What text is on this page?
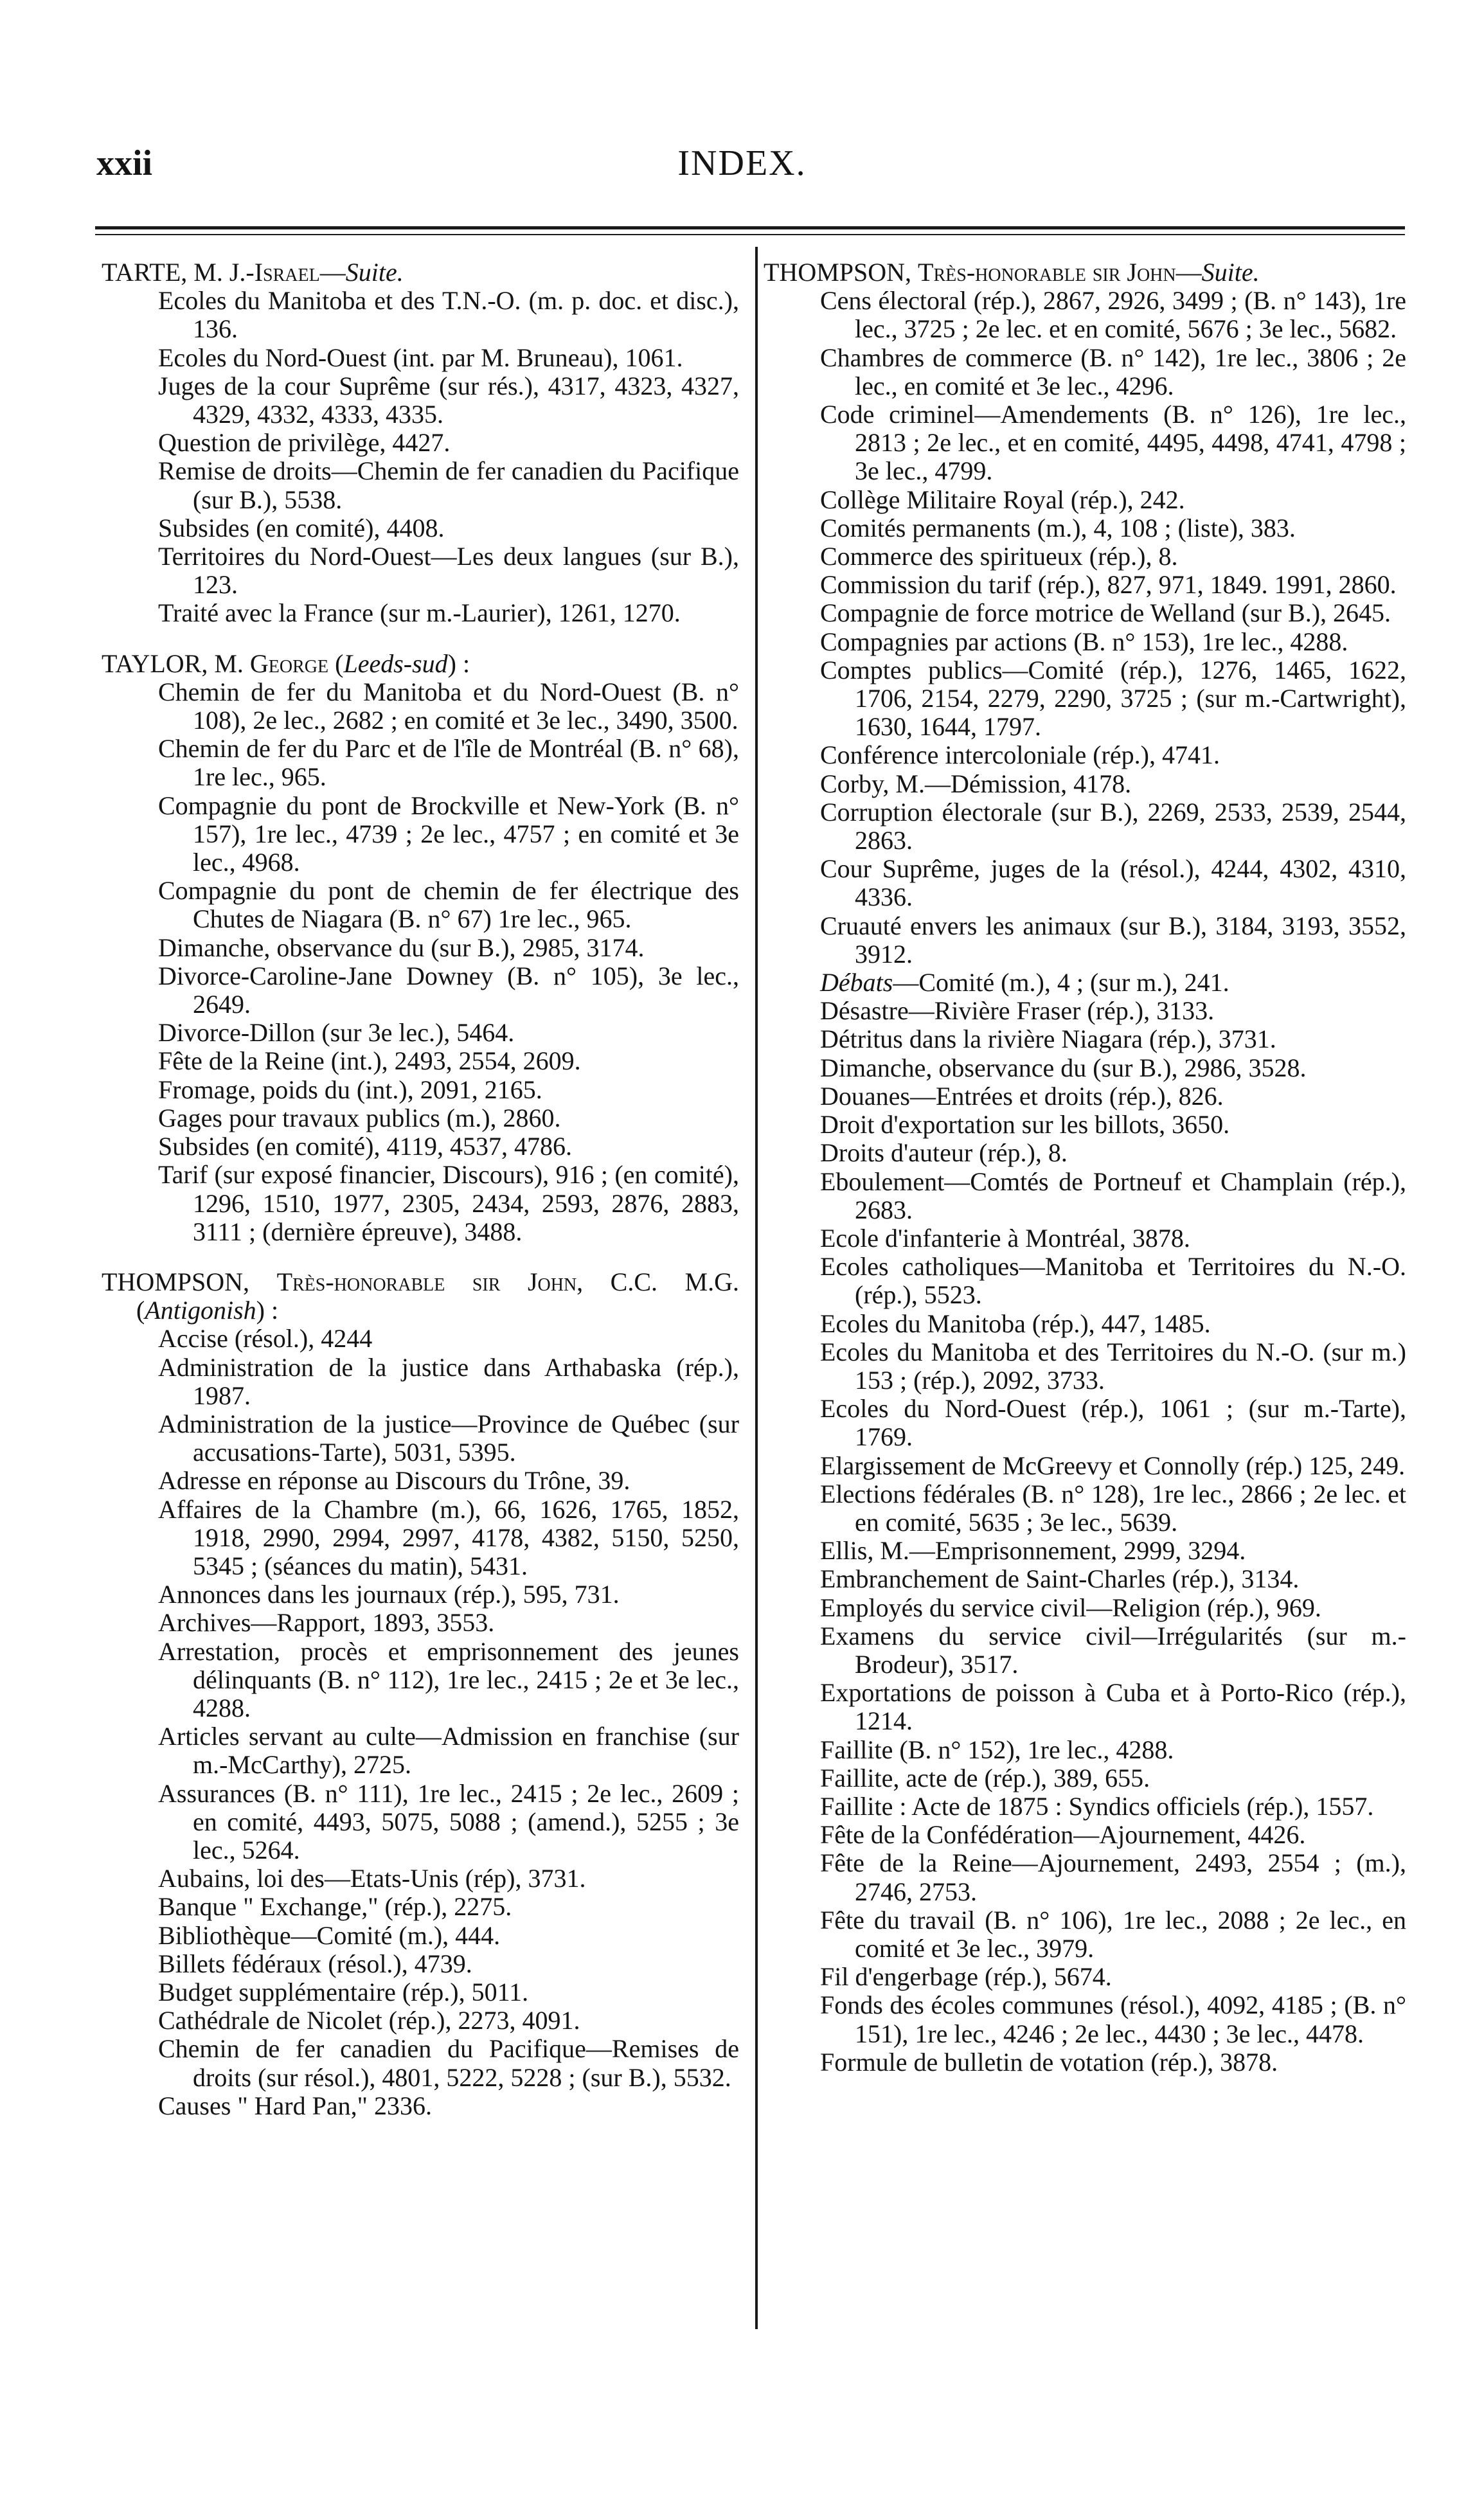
xxii	INDEX.

TARTE, M. J.-Israel—Suite.

Ecoles du Manitoba et des T.N.-O. (m. p. doc. et disc.), 136.

Ecoles du Nord-Ouest (int. par M. Bruneau), 1061.

Juges de la cour Suprême (sur rés.), 4317, 4323, 4327, 4329, 4332, 4333, 4335.

Question de privilège, 4427.

Remise de droits—Chemin de fer canadien du Pacifique (sur B.), 5538.

Subsides (en comité), 4408.

Territoires du Nord-Ouest—Les deux langues (sur B.), 123.

Traité avec la France (sur m.-Laurier), 1261, 1270.

TAYLOR, M. George (Leeds-sud) :

Chemin de fer du Manitoba et du Nord-Ouest (B. n° 108), 2e lec., 2682 ; en comité et 3e lec., 3490, 3500.

Chemin de fer du Parc et de l'île de Montréal (B. n° 68), 1re lec., 965.

Compagnie du pont de Brockville et New-York (B. n° 157), 1re lec., 4739 ; 2e lec., 4757 ; en comité et 3e lec., 4968.

Compagnie du pont de chemin de fer électrique des Chutes de Niagara (B. n° 67) 1re lec., 965.

Dimanche, observance du (sur B.), 2985, 3174.

Divorce-Caroline-Jane Downey (B. n° 105), 3e lec., 2649.

Divorce-Dillon (sur 3e lec.), 5464.

Fête de la Reine (int.), 2493, 2554, 2609.

Fromage, poids du (int.), 2091, 2165.

Gages pour travaux publics (m.), 2860.

Subsides (en comité), 4119, 4537, 4786.

Tarif (sur exposé financier, Discours), 916 ; (en comité), 1296, 1510, 1977, 2305, 2434, 2593, 2876, 2883, 3111 ; (dernière épreuve), 3488.

THOMPSON, Très-honorable sir John, C.C. M.G. (Antigonish) :

Accise (résol.), 4244

Administration de la justice dans Arthabaska (rép.), 1987.

Administration de la justice—Province de Québec (sur accusations-Tarte), 5031, 5395.

Adresse en réponse au Discours du Trône, 39.

Affaires de la Chambre (m.), 66, 1626, 1765, 1852, 1918, 2990, 2994, 2997, 4178, 4382, 5150, 5250, 5345 ; (séances du matin), 5431.

Annonces dans les journaux (rép.), 595, 731.

Archives—Rapport, 1893, 3553.

Arrestation, procès et emprisonnement des jeunes délinquants (B. n° 112), 1re lec., 2415 ; 2e et 3e lec., 4288.

Articles servant au culte—Admission en franchise (sur m.-McCarthy), 2725.

Assurances (B. n° 111), 1re lec., 2415 ; 2e lec., 2609 ; en comité, 4493, 5075, 5088 ; (amend.), 5255 ; 3e lec., 5264.

Aubains, loi des—Etats-Unis (rép), 3731.

Banque " Exchange," (rép.), 2275.

Bibliothèque—Comité (m.), 444.

Billets fédéraux (résol.), 4739.

Budget supplémentaire (rép.), 5011.

Cathédrale de Nicolet (rép.), 2273, 4091.

Chemin de fer canadien du Pacifique—Remises de droits (sur résol.), 4801, 5222, 5228 ; (sur B.), 5532.

Causes " Hard Pan," 2336.

THOMPSON, Très-honorable sir John—Suite.

Cens électoral (rép.), 2867, 2926, 3499 ; (B. n° 143), 1re lec., 3725 ; 2e lec. et en comité, 5676 ; 3e lec., 5682.

Chambres de commerce (B. n° 142), 1re lec., 3806 ; 2e lec., en comité et 3e lec., 4296.

Code criminel—Amendements (B. n° 126), 1re lec., 2813 ; 2e lec., et en comité, 4495, 4498, 4741, 4798 ; 3e lec., 4799.

Collège Militaire Royal (rép.), 242.

Comités permanents (m.), 4, 108 ; (liste), 383.

Commerce des spiritueux (rép.), 8.

Commission du tarif (rép.), 827, 971, 1849. 1991, 2860.

Compagnie de force motrice de Welland (sur B.), 2645.

Compagnies par actions (B. n° 153), 1re lec., 4288.

Comptes publics—Comité (rép.), 1276, 1465, 1622, 1706, 2154, 2279, 2290, 3725 ; (sur m.-Cartwright), 1630, 1644, 1797.

Conférence intercoloniale (rép.), 4741.

Corby, M.—Démission, 4178.

Corruption électorale (sur B.), 2269, 2533, 2539, 2544, 2863.

Cour Suprême, juges de la (résol.), 4244, 4302, 4310, 4336.

Cruauté envers les animaux (sur B.), 3184, 3193, 3552, 3912.

Débats—Comité (m.), 4 ; (sur m.), 241.

Désastre—Rivière Fraser (rép.), 3133.

Détritus dans la rivière Niagara (rép.), 3731.

Dimanche, observance du (sur B.), 2986, 3528.

Douanes—Entrées et droits (rép.), 826.

Droit d'exportation sur les billots, 3650.

Droits d'auteur (rép.), 8.

Eboulement—Comtés de Portneuf et Champlain (rép.), 2683.

Ecole d'infanterie à Montréal, 3878.

Ecoles catholiques—Manitoba et Territoires du N.-O. (rép.), 5523.

Ecoles du Manitoba (rép.), 447, 1485.

Ecoles du Manitoba et des Territoires du N.-O. (sur m.) 153 ; (rép.), 2092, 3733.

Ecoles du Nord-Ouest (rép.), 1061 ; (sur m.-Tarte), 1769.

Elargissement de McGreevy et Connolly (rép.) 125, 249.

Elections fédérales (B. n° 128), 1re lec., 2866 ; 2e lec. et en comité, 5635 ; 3e lec., 5639.

Ellis, M.—Emprisonnement, 2999, 3294.

Embranchement de Saint-Charles (rép.), 3134.

Employés du service civil—Religion (rép.), 969.

Examens du service civil—Irrégularités (sur m.-Brodeur), 3517.

Exportations de poisson à Cuba et à Porto-Rico (rép.), 1214.

Faillite (B. n° 152), 1re lec., 4288.

Faillite, acte de (rép.), 389, 655.

Faillite : Acte de 1875 : Syndics officiels (rép.), 1557.

Fête de la Confédération—Ajournement, 4426.

Fête de la Reine—Ajournement, 2493, 2554 ; (m.), 2746, 2753.

Fête du travail (B. n° 106), 1re lec., 2088 ; 2e lec., en comité et 3e lec., 3979.

Fil d'engerbage (rép.), 5674.

Fonds des écoles communes (résol.), 4092, 4185 ; (B. n° 151), 1re lec., 4246 ; 2e lec., 4430 ; 3e lec., 4478.

Formule de bulletin de votation (rép.), 3878.
